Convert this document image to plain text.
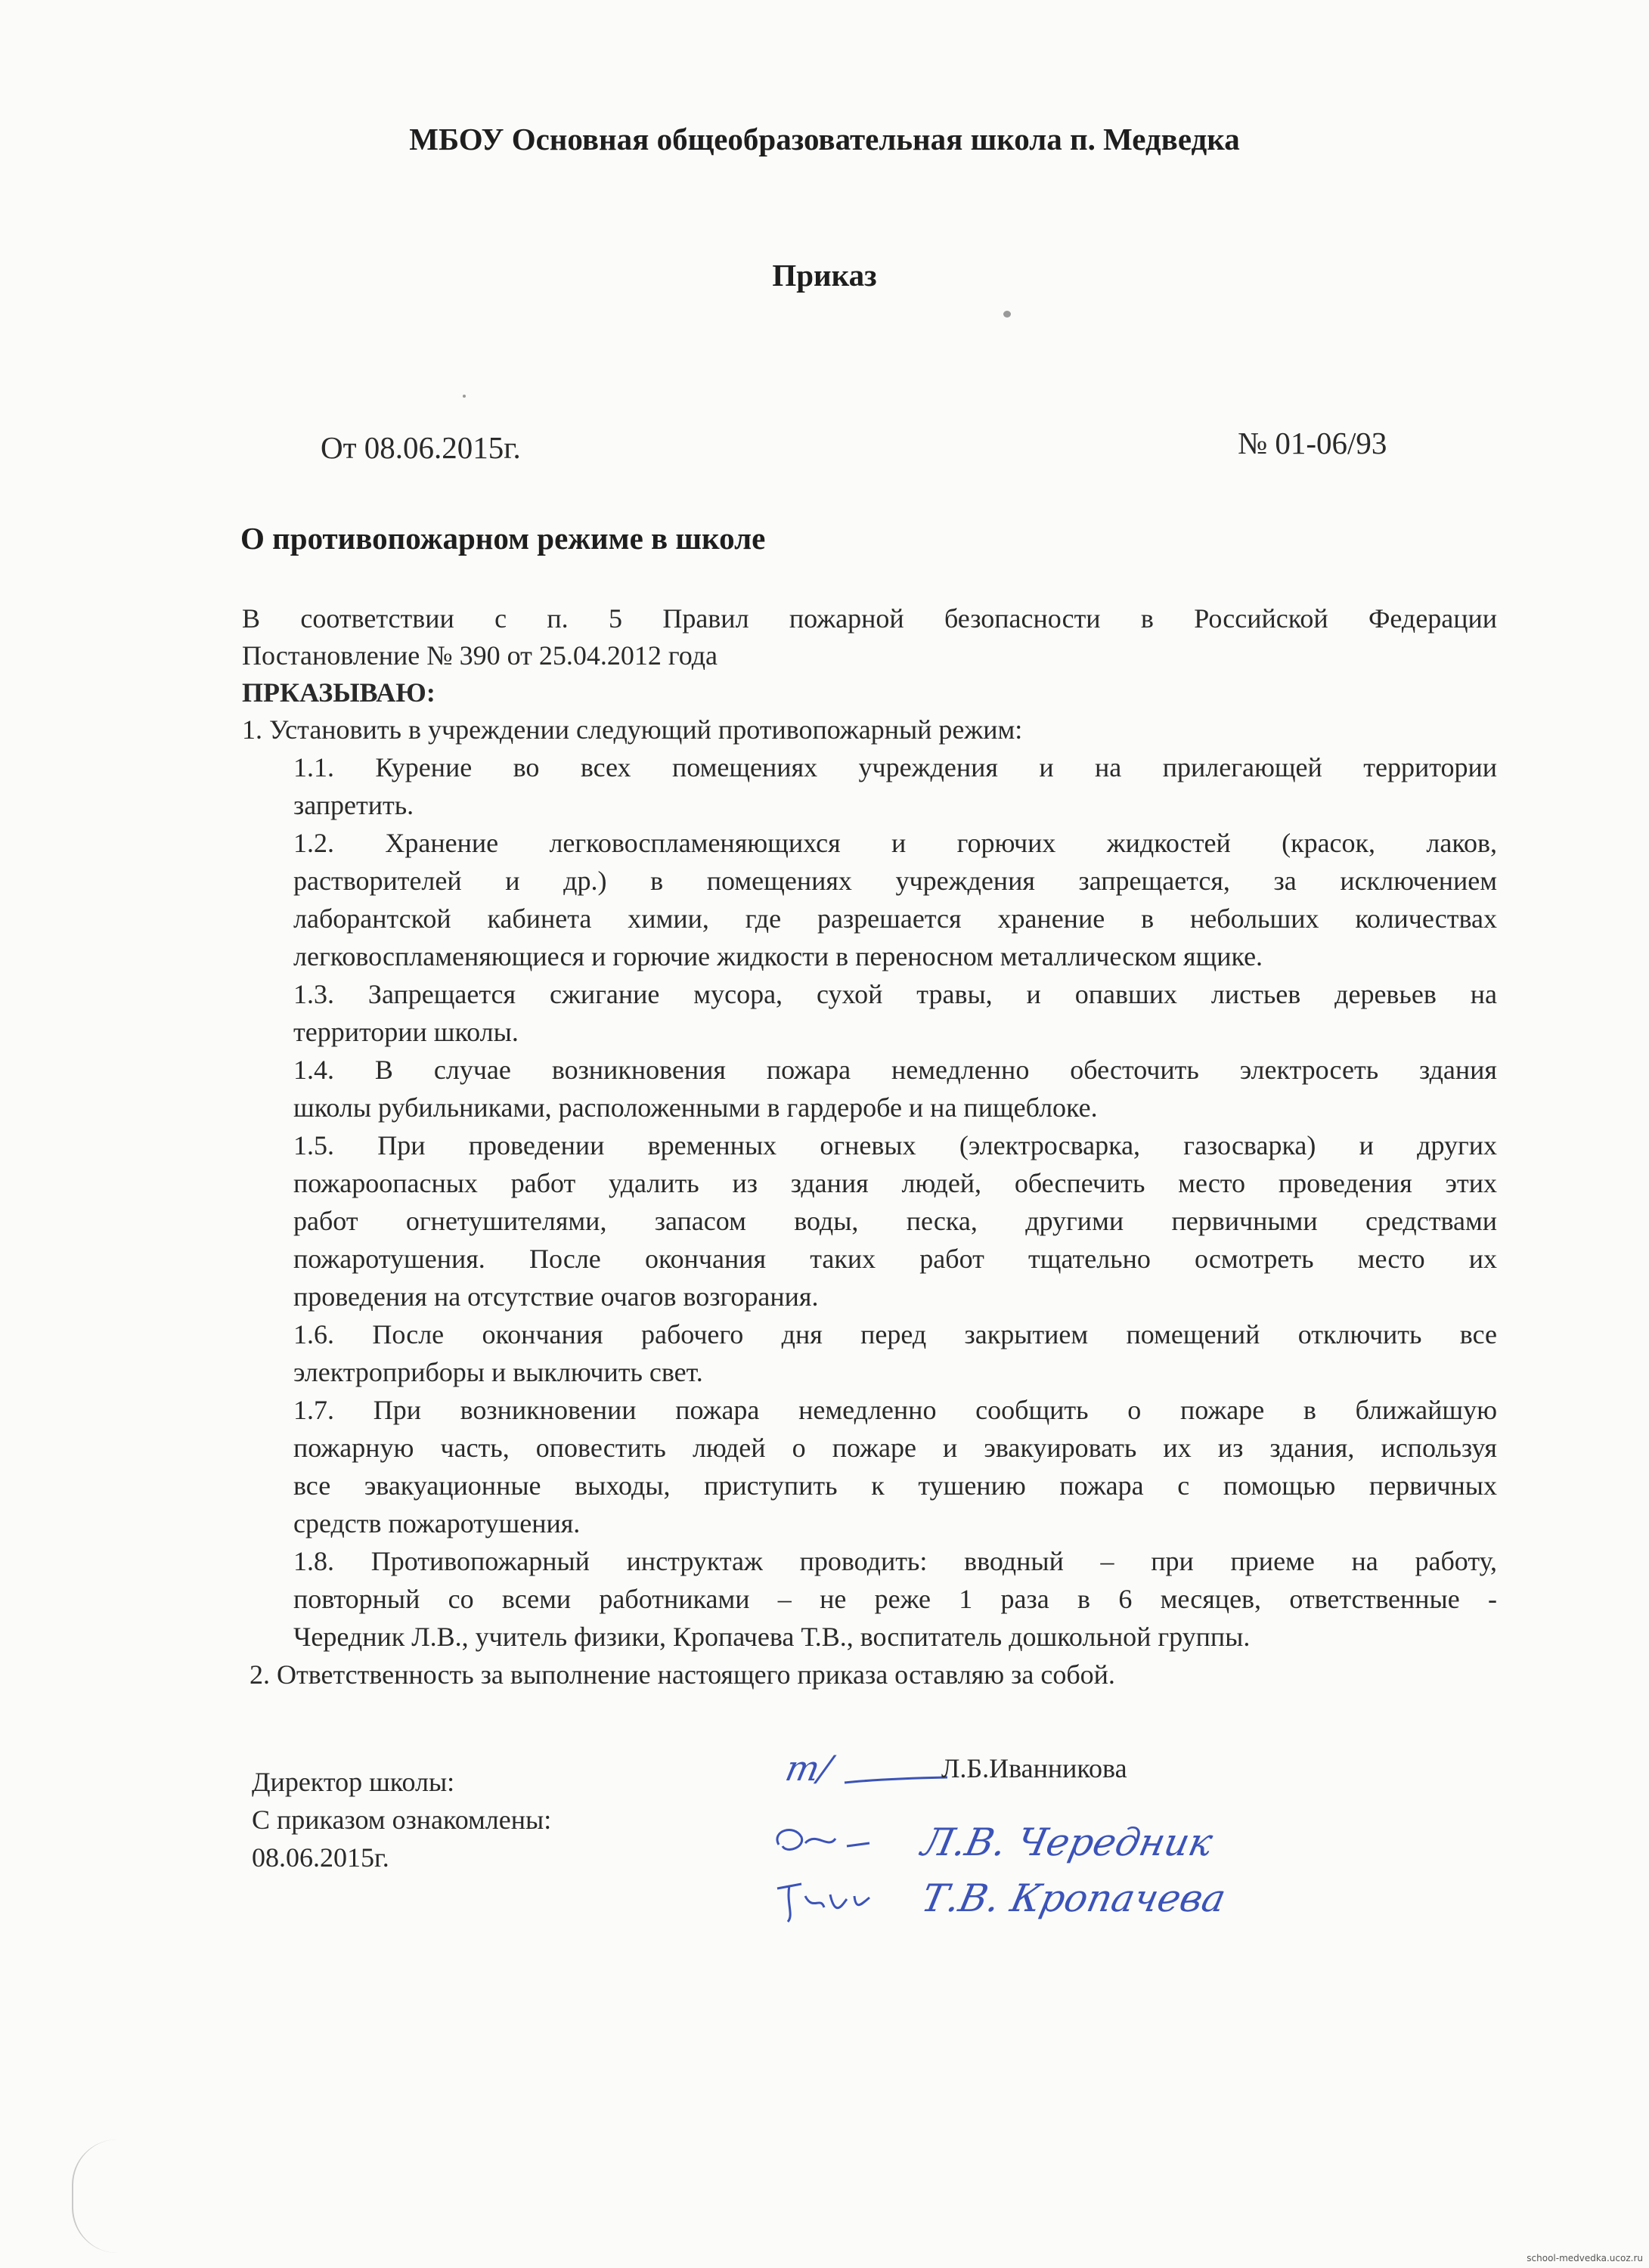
МБОУ Основная общеобразовательная школа п. Медведка
Приказ
От 08.06.2015г.	№ 01-06/93
О противопожарном режиме в школе
В соответствии с п. 5 Правил пожарной безопасности в Российской Федерации
Постановление № 390 от 25.04.2012 года
ПРКАЗЫВАЮ:
1. Установить в учреждении следующий противопожарный режим:
1.1. Курение во всех помещениях учреждения и на прилегающей территории
запретить.
1.2. Хранение легковоспламеняющихся и горючих жидкостей (красок, лаков,
растворителей и др.) в помещениях учреждения запрещается, за исключением
лаборантской кабинета химии, где разрешается хранение в небольших количествах
легковоспламеняющиеся и горючие жидкости в переносном металлическом ящике.
1.3. Запрещается сжигание мусора, сухой травы, и опавших листьев деревьев на
территории школы.
1.4. В случае возникновения пожара немедленно обесточить электросеть здания
школы рубильниками, расположенными в гардеробе и на пищеблоке.
1.5. При проведении временных огневых (электросварка, газосварка) и других
пожароопасных работ удалить из здания людей, обеспечить место проведения этих
работ огнетушителями, запасом воды, песка, другими первичными средствами
пожаротушения. После окончания таких работ тщательно осмотреть место их
проведения на отсутствие очагов возгорания.
1.6. После окончания рабочего дня перед закрытием помещений отключить все
электроприборы и выключить свет.
1.7. При возникновении пожара немедленно сообщить о пожаре в ближайшую
пожарную часть, оповестить людей о пожаре и эвакуировать их из здания, используя
все эвакуационные выходы, приступить к тушению пожара с помощью первичных
средств пожаротушения.
1.8. Противопожарный инструктаж проводить: вводный – при приеме на работу,
повторный со всеми работниками – не реже 1 раза в 6 месяцев, ответственные -
Чередник Л.В., учитель физики, Кропачева Т.В., воспитатель дошкольной группы.
2. Ответственность за выполнение настоящего приказа оставляю за собой.
Директор школы:
С приказом ознакомлены:
08.06.2015г.
m/	Л.Б.Иванникова
Л.В. Чередник
Т.В. Кропачева
school-medvedka.ucoz.ru
